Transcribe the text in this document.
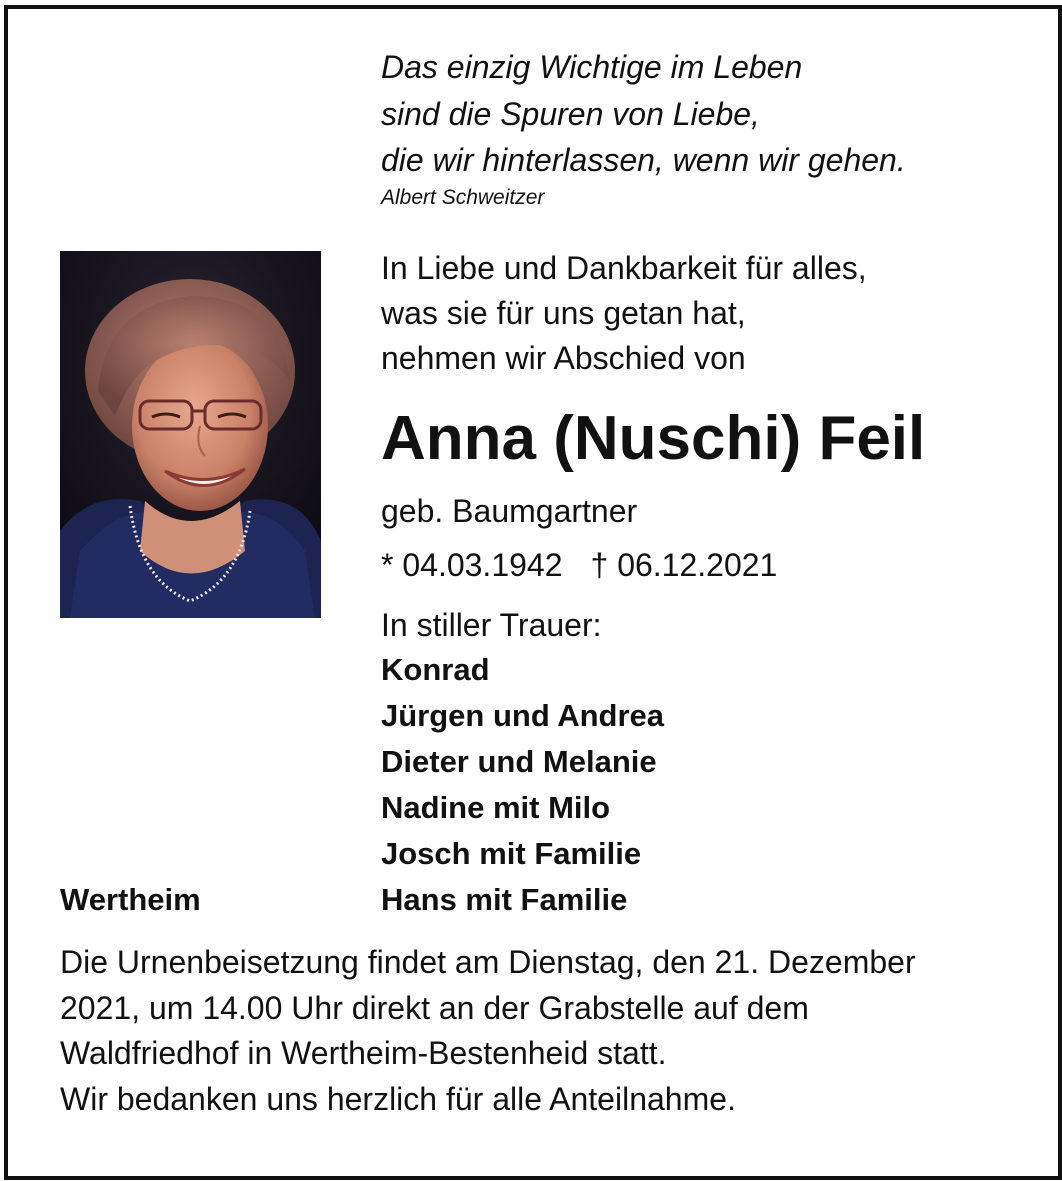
Das einzig Wichtige im Leben
sind die Spuren von Liebe,
die wir hinterlassen, wenn wir gehen.
Albert Schweitzer
In Liebe und Dankbarkeit für alles,
was sie für uns getan hat,
nehmen wir Abschied von
Anna (Nuschi) Feil
geb. Baumgartner
* 04.03.1942 † 06.12.2021
In stiller Trauer:
Konrad
Jürgen und Andrea
Dieter und Melanie
Nadine mit Milo
Josch mit Familie
Hans mit Familie
Wertheim
Die Urnenbeisetzung findet am Dienstag, den 21. Dezember
2021, um 14.00 Uhr direkt an der Grabstelle auf dem
Waldfriedhof in Wertheim-Bestenheid statt.
Wir bedanken uns herzlich für alle Anteilnahme.
